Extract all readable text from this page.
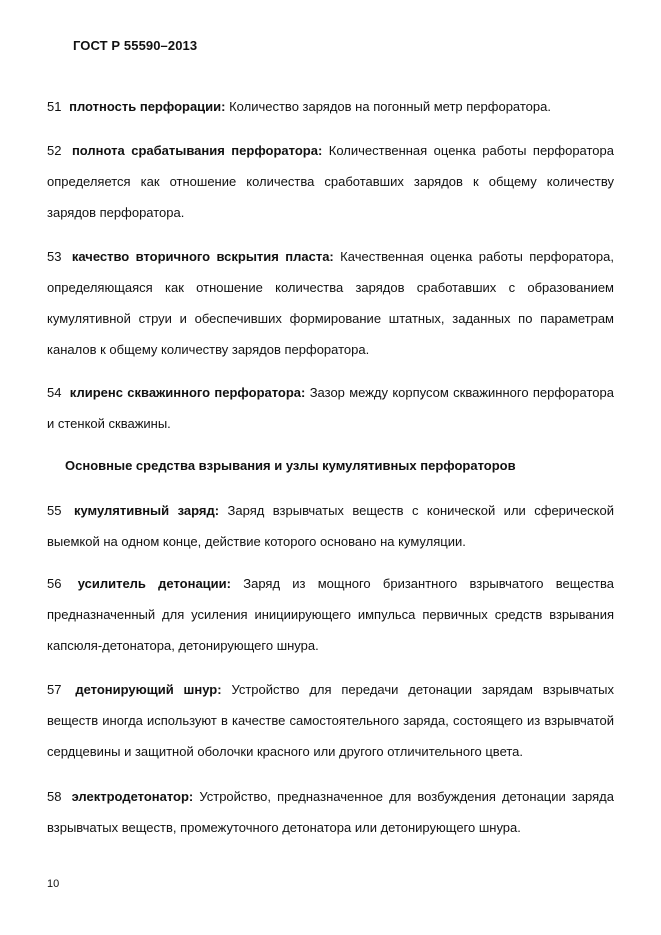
ГОСТ Р 55590–2013
51 плотность перфорации: Количество зарядов на погонный метр перфоратора.
52 полнота срабатывания перфоратора: Количественная оценка работы перфоратора определяется как отношение количества сработавших зарядов к общему количеству зарядов перфоратора.
53 качество вторичного вскрытия пласта: Качественная оценка работы перфоратора, определяющаяся как отношение количества зарядов сработавших с образованием кумулятивной струи и обеспечивших формирование штатных, заданных по параметрам каналов к общему количеству зарядов перфоратора.
54 клиренс скважинного перфоратора: Зазор между корпусом скважинного перфоратора и стенкой скважины.
Основные средства взрывания и узлы кумулятивных перфораторов
55 кумулятивный заряд: Заряд взрывчатых веществ с конической или сферической выемкой на одном конце, действие которого основано на кумуляции.
56 усилитель детонации: Заряд из мощного бризантного взрывчатого вещества предназначенный для усиления инициирующего импульса первичных средств взрывания капсюля-детонатора, детонирующего шнура.
57 детонирующий шнур: Устройство для передачи детонации зарядам взрывчатых веществ иногда используют в качестве самостоятельного заряда, состоящего из взрывчатой сердцевины и защитной оболочки красного или другого отличительного цвета.
58 электродетонатор: Устройство, предназначенное для возбуждения детонации заряда взрывчатых веществ, промежуточного детонатора или детонирующего шнура.
10
